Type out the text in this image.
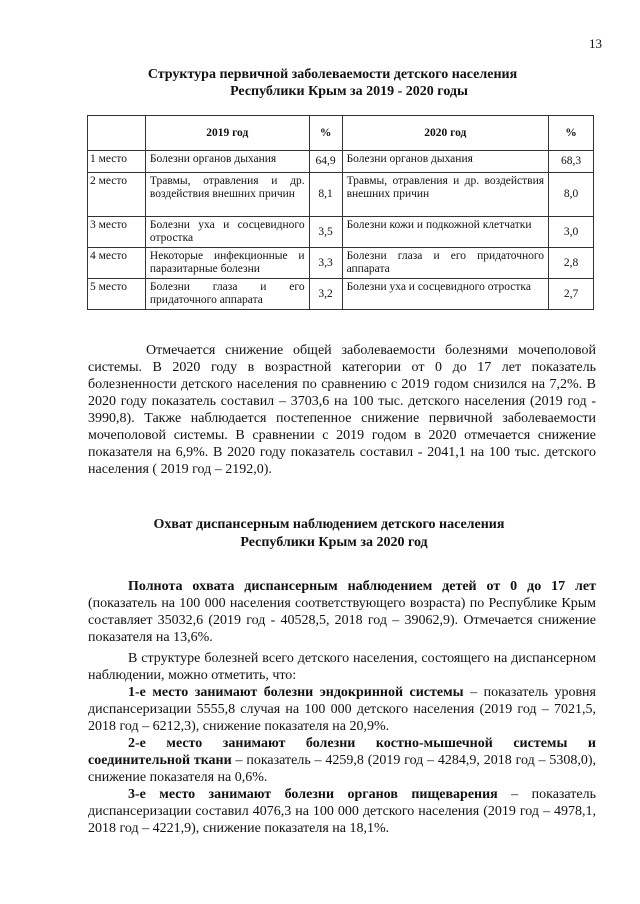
13
Структура первичной заболеваемости детского населения
Республики Крым за 2019 - 2020 годы
	2019 год	%	2020 год	%
1 место	Болезни органов дыхания	64,9	Болезни органов дыхания	68,3
2 место	Травмы, отравления и др. воздействия внешних причин	8,1	Травмы, отравления и др. воздействия внешних причин	8,0
3 место	Болезни уха и сосцевидного отростка	3,5	Болезни кожи и подкожной клетчатки	3,0
4 место	Некоторые инфекционные и паразитарные болезни	3,3	Болезни глаза и его придаточного аппарата	2,8
5 место	Болезни глаза и его придаточного аппарата	3,2	Болезни уха и сосцевидного отростка	2,7

Отмечается снижение общей заболеваемости болезнями мочеполовой системы. В 2020 году в возрастной категории от 0 до 17 лет показатель болезненности детского населения по сравнению с 2019 годом снизился на 7,2%. В 2020 году показатель составил – 3703,6 на 100 тыс. детского населения (2019 год - 3990,8). Также наблюдается постепенное снижение первичной заболеваемости мочеполовой системы. В сравнении с 2019 годом в 2020 отмечается снижение показателя на 6,9%. В 2020 году показатель составил - 2041,1 на 100 тыс. детского населения ( 2019 год – 2192,0).

Охват диспансерным наблюдением детского населения
Республики Крым за 2020 год

Полнота охвата диспансерным наблюдением детей от 0 до 17 лет (показатель на 100 000 населения соответствующего возраста) по Республике Крым составляет 35032,6 (2019 год - 40528,5, 2018 год – 39062,9). Отмечается снижение показателя на 13,6%.

В структуре болезней всего детского населения, состоящего на диспансерном наблюдении, можно отметить, что:

1-е место занимают болезни эндокринной системы – показатель уровня диспансеризации 5555,8 случая на 100 000 детского населения (2019 год – 7021,5, 2018 год – 6212,3), снижение показателя на 20,9%.

2-е место занимают болезни костно-мышечной системы и соединительной ткани – показатель – 4259,8 (2019 год – 4284,9, 2018 год – 5308,0), снижение показателя на 0,6%.

3-е место занимают болезни органов пищеварения – показатель диспансеризации составил 4076,3 на 100 000 детского населения (2019 год – 4978,1, 2018 год – 4221,9), снижение показателя на 18,1%.
